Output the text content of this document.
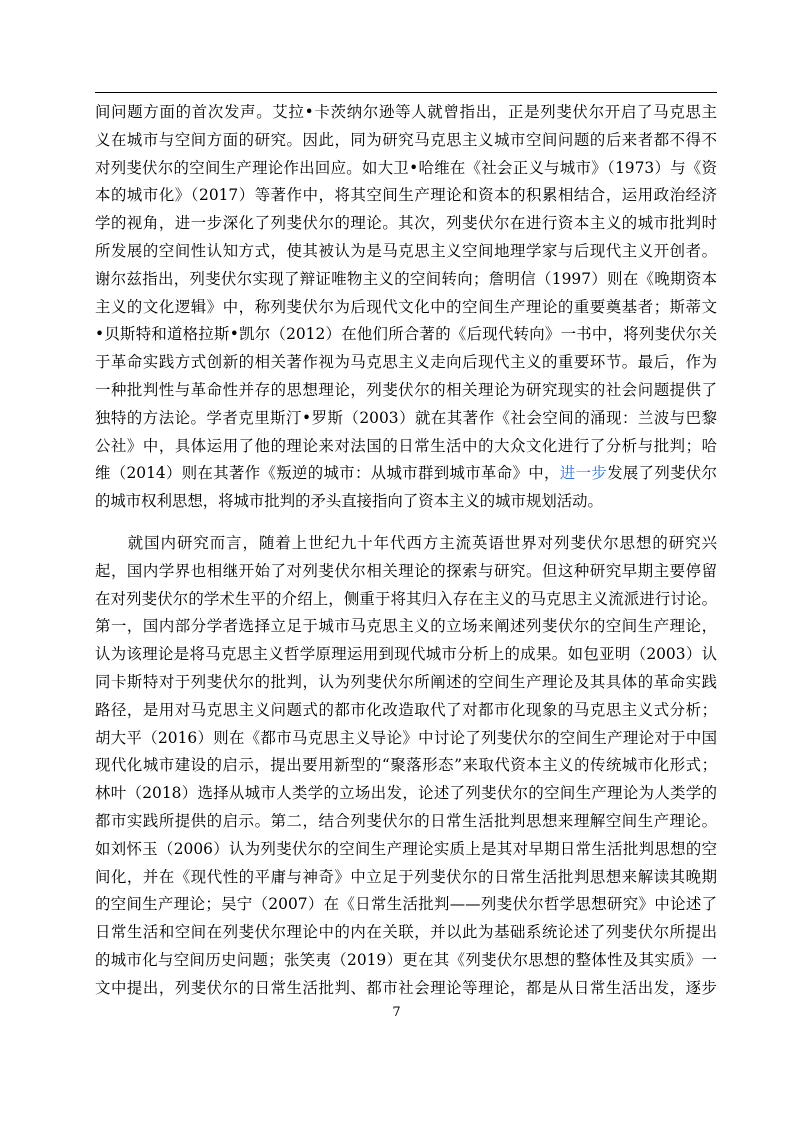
间问题方面的首次发声。艾拉•卡茨纳尔逊等人就曾指出，正是列斐伏尔开启了马克思主
义在城市与空间方面的研究。因此，同为研究马克思主义城市空间问题的后来者都不得不
对列斐伏尔的空间生产理论作出回应。如大卫•哈维在《社会正义与城市》（1973）与《资
本的城市化》（2017）等著作中，将其空间生产理论和资本的积累相结合，运用政治经济
学的视角，进一步深化了列斐伏尔的理论。其次，列斐伏尔在进行资本主义的城市批判时
所发展的空间性认知方式，使其被认为是马克思主义空间地理学家与后现代主义开创者。
谢尔兹指出，列斐伏尔实现了辩证唯物主义的空间转向；詹明信（1997）则在《晚期资本
主义的文化逻辑》中，称列斐伏尔为后现代文化中的空间生产理论的重要奠基者；斯蒂文
•贝斯特和道格拉斯•凯尔（2012）在他们所合著的《后现代转向》一书中，将列斐伏尔关
于革命实践方式创新的相关著作视为马克思主义走向后现代主义的重要环节。最后，作为
一种批判性与革命性并存的思想理论，列斐伏尔的相关理论为研究现实的社会问题提供了
独特的方法论。学者克里斯汀•罗斯（2003）就在其著作《社会空间的涌现：兰波与巴黎
公社》中，具体运用了他的理论来对法国的日常生活中的大众文化进行了分析与批判；哈
维（2014）则在其著作《叛逆的城市：从城市群到城市革命》中，进一步发展了列斐伏尔
的城市权利思想，将城市批判的矛头直接指向了资本主义的城市规划活动。
　　就国内研究而言，随着上世纪九十年代西方主流英语世界对列斐伏尔思想的研究兴
起，国内学界也相继开始了对列斐伏尔相关理论的探索与研究。但这种研究早期主要停留
在对列斐伏尔的学术生平的介绍上，侧重于将其归入存在主义的马克思主义流派进行讨论。
第一，国内部分学者选择立足于城市马克思主义的立场来阐述列斐伏尔的空间生产理论，
认为该理论是将马克思主义哲学原理运用到现代城市分析上的成果。如包亚明（2003）认
同卡斯特对于列斐伏尔的批判，认为列斐伏尔所阐述的空间生产理论及其具体的革命实践
路径，是用对马克思主义问题式的都市化改造取代了对都市化现象的马克思主义式分析；
胡大平（2016）则在《都市马克思主义导论》中讨论了列斐伏尔的空间生产理论对于中国
现代化城市建设的启示，提出要用新型的“聚落形态”来取代资本主义的传统城市化形式；
林叶（2018）选择从城市人类学的立场出发，论述了列斐伏尔的空间生产理论为人类学的
都市实践所提供的启示。第二，结合列斐伏尔的日常生活批判思想来理解空间生产理论。
如刘怀玉（2006）认为列斐伏尔的空间生产理论实质上是其对早期日常生活批判思想的空
间化，并在《现代性的平庸与神奇》中立足于列斐伏尔的日常生活批判思想来解读其晚期
的空间生产理论；吴宁（2007）在《日常生活批判——列斐伏尔哲学思想研究》中论述了
日常生活和空间在列斐伏尔理论中的内在关联，并以此为基础系统论述了列斐伏尔所提出
的城市化与空间历史问题；张笑夷（2019）更在其《列斐伏尔思想的整体性及其实质》一
文中提出，列斐伏尔的日常生活批判、都市社会理论等理论，都是从日常生活出发，逐步
7
